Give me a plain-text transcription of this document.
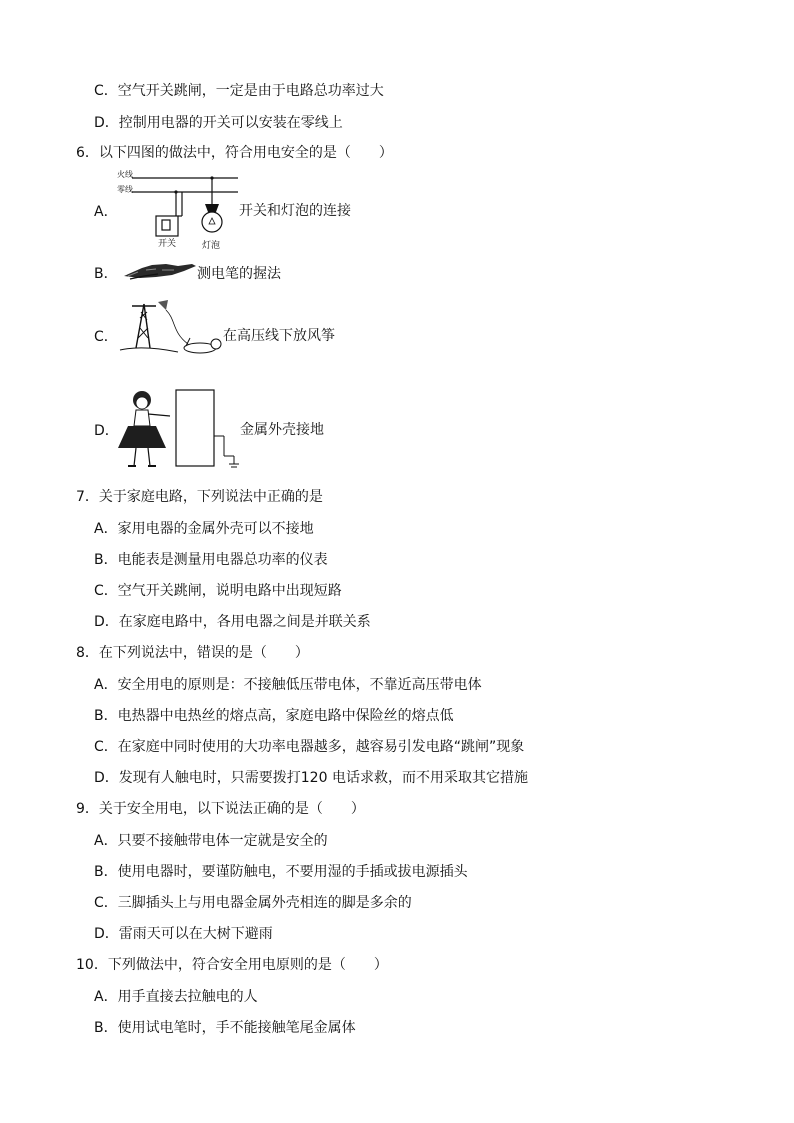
C．空气开关跳闸，一定是由于电路总功率过大
D．控制用电器的开关可以安装在零线上
6．以下四图的做法中，符合用电安全的是（　　）
A．
火线
零线
开关	灯泡
开关和灯泡的连接
B．	测电笔的握法
C．	在高压线下放风筝
D．	金属外壳接地
7．关于家庭电路，下列说法中正确的是
A．家用电器的金属外壳可以不接地
B．电能表是测量用电器总功率的仪表
C．空气开关跳闸，说明电路中出现短路
D．在家庭电路中，各用电器之间是并联关系
8．在下列说法中，错误的是（　　）
A．安全用电的原则是：不接触低压带电体，不靠近高压带电体
B．电热器中电热丝的熔点高，家庭电路中保险丝的熔点低
C．在家庭中同时使用的大功率电器越多，越容易引发电路“跳闸”现象
D．发现有人触电时，只需要拨打120 电话求救，而不用采取其它措施
9．关于安全用电，以下说法正确的是（　　）
A．只要不接触带电体一定就是安全的
B．使用电器时，要谨防触电，不要用湿的手插或拔电源插头
C．三脚插头上与用电器金属外壳相连的脚是多余的
D．雷雨天可以在大树下避雨
10．下列做法中，符合安全用电原则的是（　　）
A．用手直接去拉触电的人
B．使用试电笔时，手不能接触笔尾金属体
